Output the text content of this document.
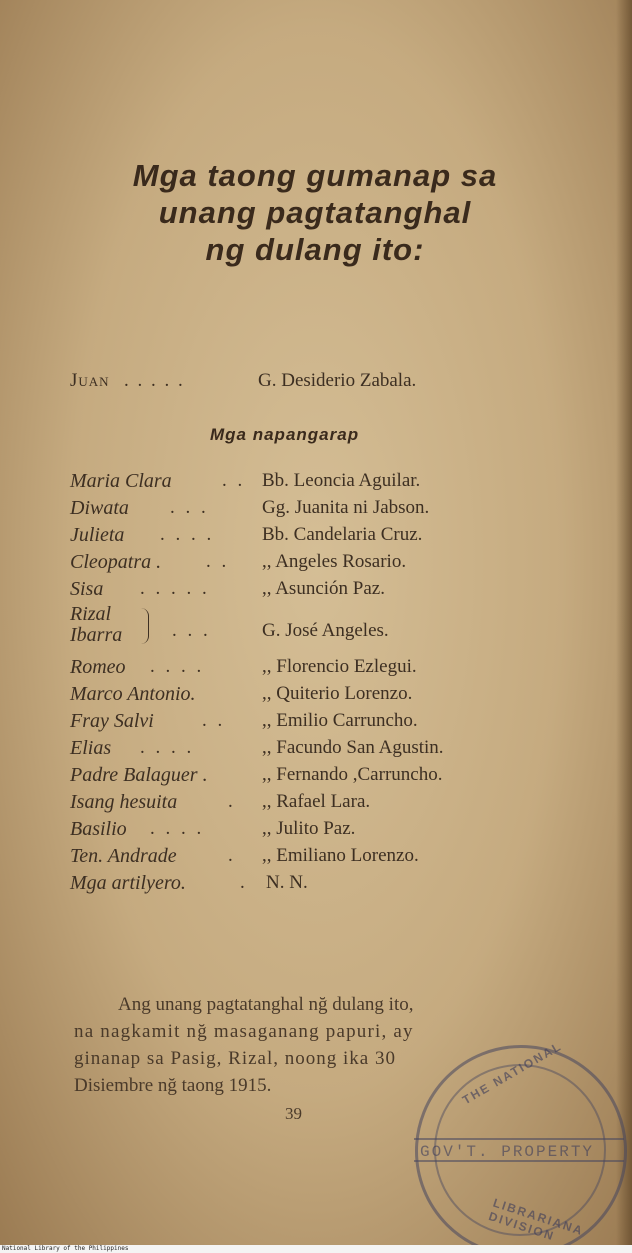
Mga taong gumanap sa
unang pagtatanghal
ng dulang ito:
Juan . . . . .	G. Desiderio Zabala.
Mga napangarap
Maria Clara	. . Bb. Leoncia Aguilar.
Diwata . . .	Gg. Juanita ni Jabson.
Julieta . . . .	Bb. Candelaria Cruz.
Cleopatra . . . ,, Angeles Rosario.
Sisa . . . . .	,, Asunción Paz.
Rizal
Ibarra	. . .	G. José Angeles.
Romeo . . . .	,, Florencio Ezlegui.
Marco Antonio.	,, Quiterio Lorenzo.
Fray Salvi	. . ,, Emilio Carruncho.
Elias . . . .	,, Facundo San Agustin.
Padre Balaguer .	,, Fernando ,Carruncho.
Isang hesuita	. ,, Rafael Lara.
Basilio . . . .	,, Julito Paz.
Ten. Andrade	. ,, Emiliano Lorenzo.
Mga artilyero.	. N. N.
Ang unang pagtatanghal nğ dulang ito,
na nagkamit nğ masaganang papuri, ay
ginanap sa Pasig, Rizal, noong ika 30
Disiembre nğ taong 1915.
39
THE NATIONAL
GOV'T. PROPERTY
LIBRARIANA DIVISION
National Library of the Philippines
